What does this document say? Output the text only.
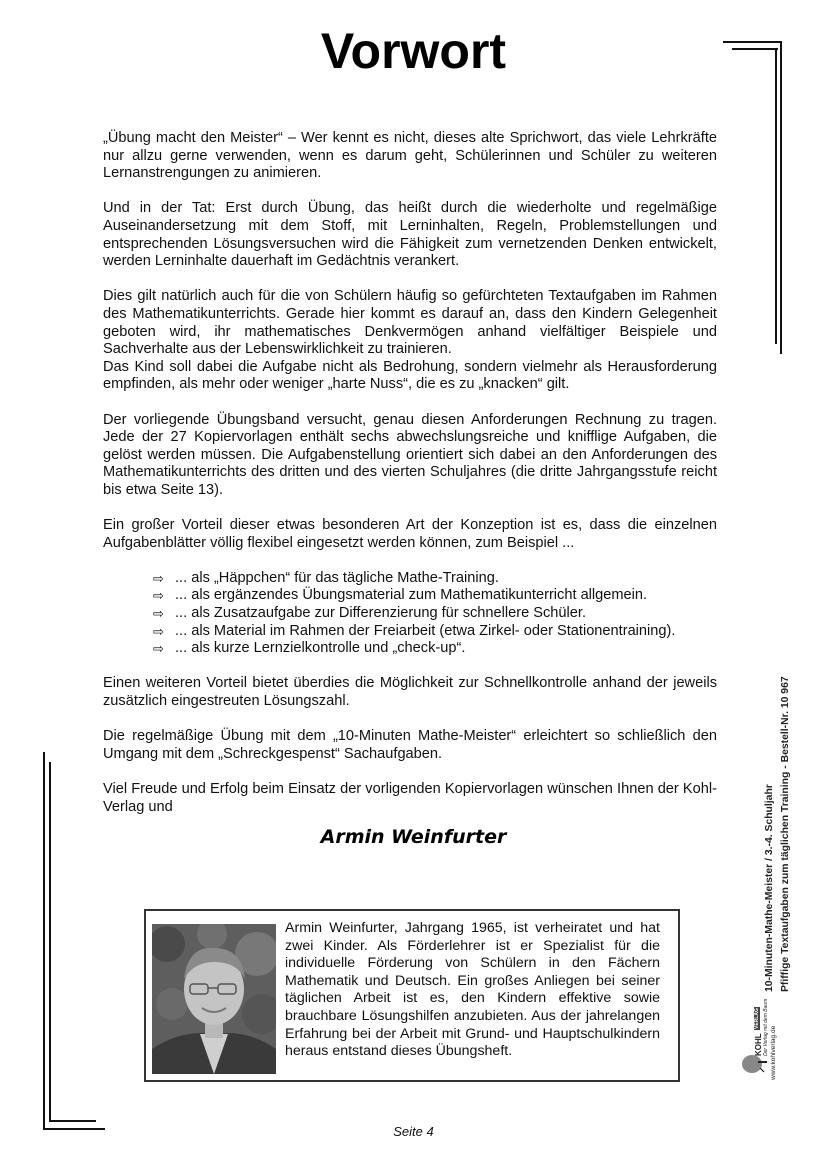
Vorwort

„Übung macht den Meister“ – Wer kennt es nicht, dieses alte Sprichwort, das viele Lehrkräfte nur allzu gerne verwenden, wenn es darum geht, Schülerinnen und Schüler zu weiteren Lernanstrengungen zu animieren.

Und in der Tat: Erst durch Übung, das heißt durch die wiederholte und regelmäßige Auseinandersetzung mit dem Stoff, mit Lerninhalten, Regeln, Problemstellungen und entsprechenden Lösungsversuchen wird die Fähigkeit zum vernetzenden Denken entwickelt, werden Lerninhalte dauerhaft im Gedächtnis verankert.

Dies gilt natürlich auch für die von Schülern häufig so gefürchteten Textaufgaben im Rahmen des Mathematikunterrichts. Gerade hier kommt es darauf an, dass den Kindern Gelegenheit geboten wird, ihr mathematisches Denkvermögen anhand vielfältiger Beispiele und Sachverhalte aus der Lebenswirklichkeit zu trainieren.

Das Kind soll dabei die Aufgabe nicht als Bedrohung, sondern vielmehr als Herausforderung empfinden, als mehr oder weniger „harte Nuss“, die es zu „knacken“ gilt.

Der vorliegende Übungsband versucht, genau diesen Anforderungen Rechnung zu tragen. Jede der 27 Kopiervorlagen enthält sechs abwechslungsreiche und knifflige Aufgaben, die gelöst werden müssen. Die Aufgabenstellung orientiert sich dabei an den Anforderungen des Mathematikunterrichts des dritten und des vierten Schuljahres (die dritte Jahrgangsstufe reicht bis etwa Seite 13).

Ein großer Vorteil dieser etwas besonderen Art der Konzeption ist es, dass die einzelnen Aufgabenblätter völlig flexibel eingesetzt werden können, zum Beispiel ...

⇨ ... als „Häppchen“ für das tägliche Mathe-Training.
⇨ ... als ergänzendes Übungsmaterial zum Mathematikunterricht allgemein.
⇨ ... als Zusatzaufgabe zur Differenzierung für schnellere Schüler.
⇨ ... als Material im Rahmen der Freiarbeit (etwa Zirkel- oder Stationentraining).
⇨ ... als kurze Lernzielkontrolle und „check-up“.

Einen weiteren Vorteil bietet überdies die Möglichkeit zur Schnellkontrolle anhand der jeweils zusätzlich eingestreuten Lösungszahl.

Die regelmäßige Übung mit dem „10-Minuten Mathe-Meister“ erleichtert so schließlich den Umgang mit dem „Schreckgespenst“ Sachaufgaben.

Viel Freude und Erfolg beim Einsatz der vorligenden Kopiervorlagen wünschen Ihnen der Kohl-Verlag und

Armin Weinfurter
Armin Weinfurter, Jahrgang 1965, ist verheiratet und hat zwei Kinder. Als Förderlehrer ist er Spezialist für die individuelle Förderung von Schülern in den Fächern Mathematik und Deutsch. Ein großes Anliegen bei seiner täglichen Arbeit ist es, den Kindern effektive sowie brauchbare Lösungshilfen anzubieten. Aus der jahrelangen Erfahrung bei der Arbeit mit Grund- und Hauptschulkindern heraus entstand dieses Übungsheft.
10-Minuten-Mathe-Meister / 3.-4. Schuljahr Pfiffige Textaufgaben zum täglichen Training - Bestell-Nr. 10 967
KOHL
VERLAG Der Verlag mit dem Baum www.kohlverlag.de
Seite 4
